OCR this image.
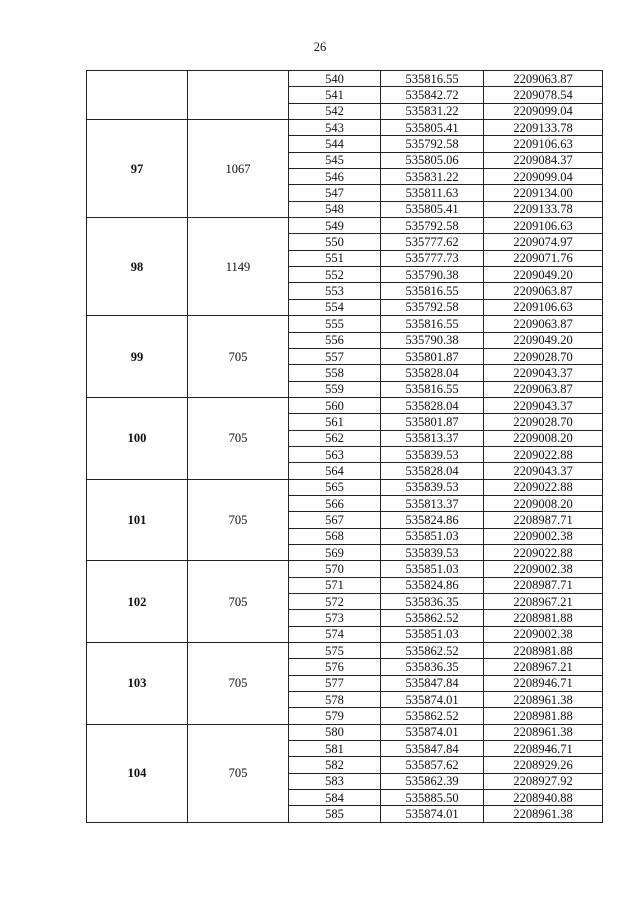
26
		540	535816.55	2209063.87
		541	535842.72	2209078.54
		542	535831.22	2209099.04
97	1067	543	535805.41	2209133.78
		544	535792.58	2209106.63
		545	535805.06	2209084.37
		546	535831.22	2209099.04
		547	535811.63	2209134.00
		548	535805.41	2209133.78
98	1149	549	535792.58	2209106.63
		550	535777.62	2209074.97
		551	535777.73	2209071.76
		552	535790.38	2209049.20
		553	535816.55	2209063.87
		554	535792.58	2209106.63
99	705	555	535816.55	2209063.87
		556	535790.38	2209049.20
		557	535801.87	2209028.70
		558	535828.04	2209043.37
		559	535816.55	2209063.87
100	705	560	535828.04	2209043.37
		561	535801.87	2209028.70
		562	535813.37	2209008.20
		563	535839.53	2209022.88
		564	535828.04	2209043.37
101	705	565	535839.53	2209022.88
		566	535813.37	2209008.20
		567	535824.86	2208987.71
		568	535851.03	2209002.38
		569	535839.53	2209022.88
102	705	570	535851.03	2209002.38
		571	535824.86	2208987.71
		572	535836.35	2208967.21
		573	535862.52	2208981.88
		574	535851.03	2209002.38
103	705	575	535862.52	2208981.88
		576	535836.35	2208967.21
		577	535847.84	2208946.71
		578	535874.01	2208961.38
		579	535862.52	2208981.88
104	705	580	535874.01	2208961.38
		581	535847.84	2208946.71
		582	535857.62	2208929.26
		583	535862.39	2208927.92
		584	535885.50	2208940.88
		585	535874.01	2208961.38
